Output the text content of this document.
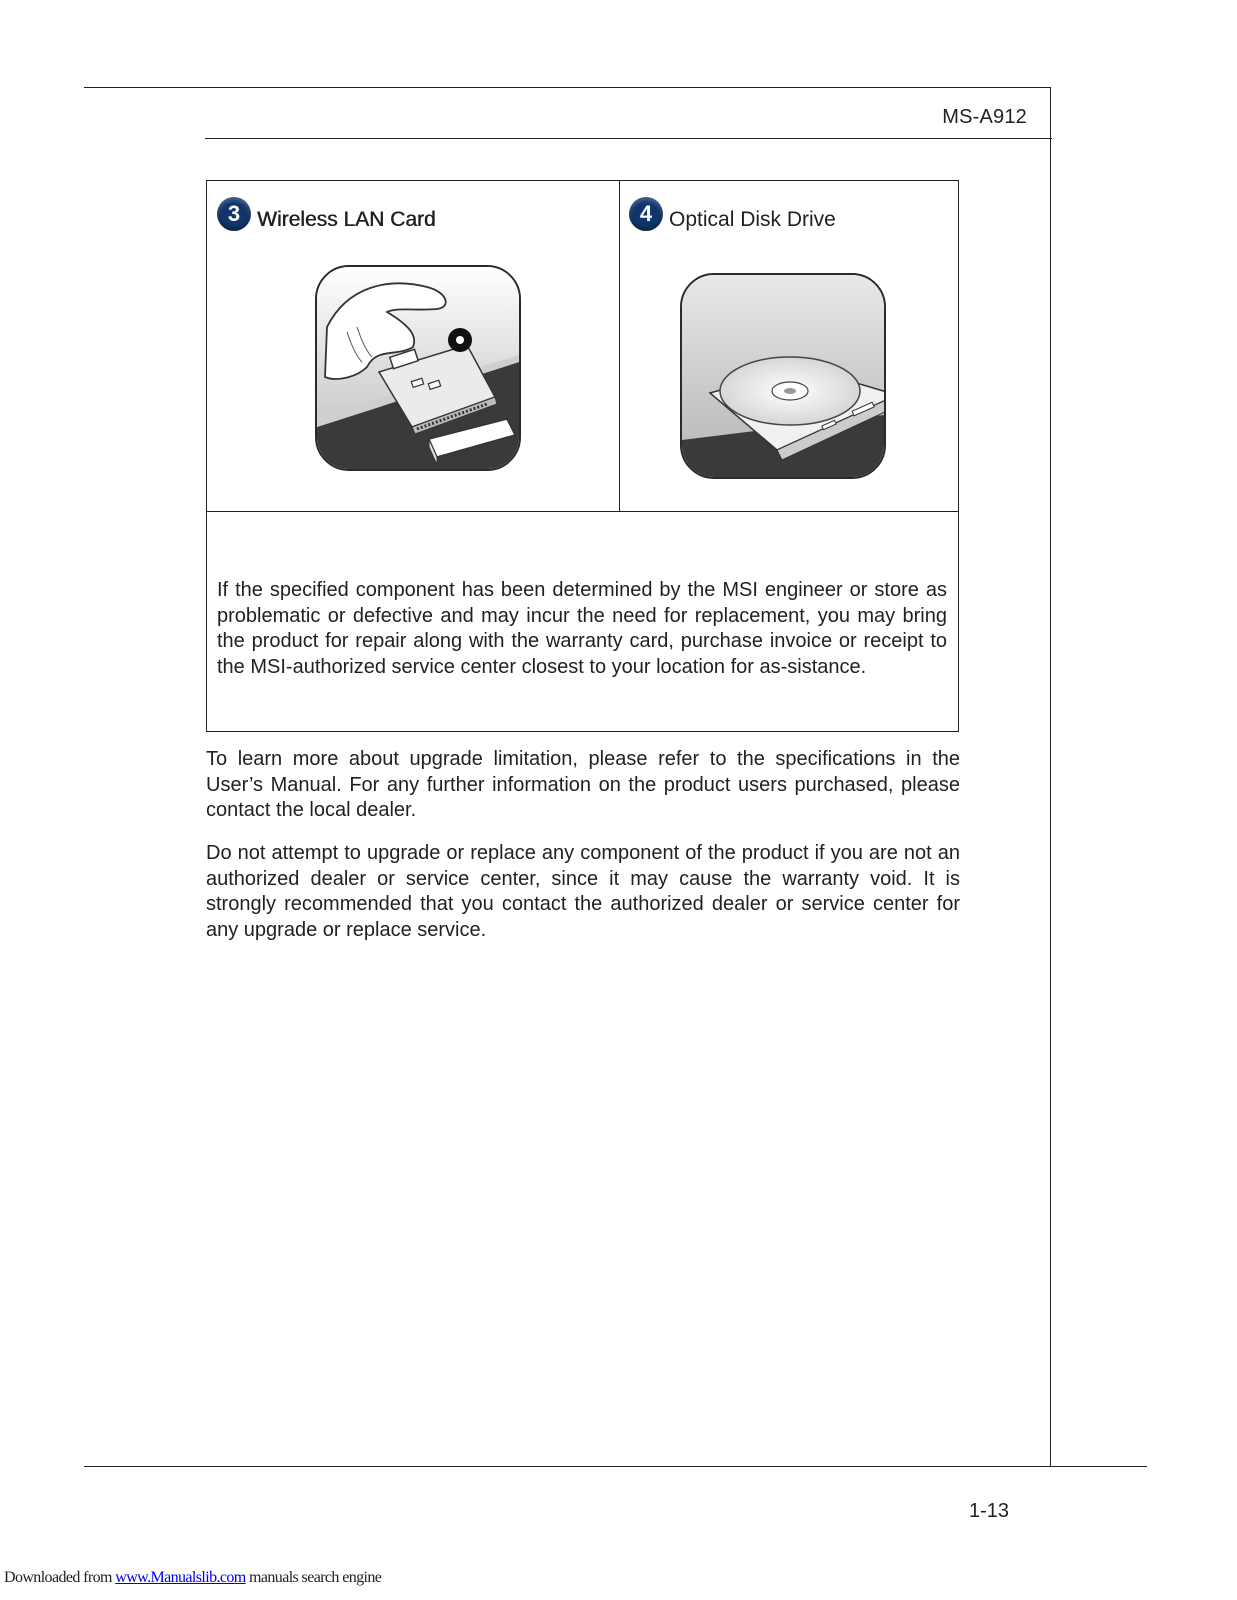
MS-A912
3 Wireless LAN Card	4 Optical Disk Drive

If the specified component has been determined by the MSI engineer or store as problematic or defective and may incur the need for replacement, you may bring the product for repair along with the warranty card, purchase invoice or receipt to the MSI-authorized service center closest to your location for as-sistance.

To learn more about upgrade limitation, please refer to the specifications in the User’s Manual. For any further information on the product users purchased, please contact the local dealer.

Do not attempt to upgrade or replace any component of the product if you are not an authorized dealer or service center, since it may cause the warranty void. It is strongly recommended that you contact the authorized dealer or service center for any upgrade or replace service.

1-13
Downloaded from www.Manualslib.com manuals search engine
